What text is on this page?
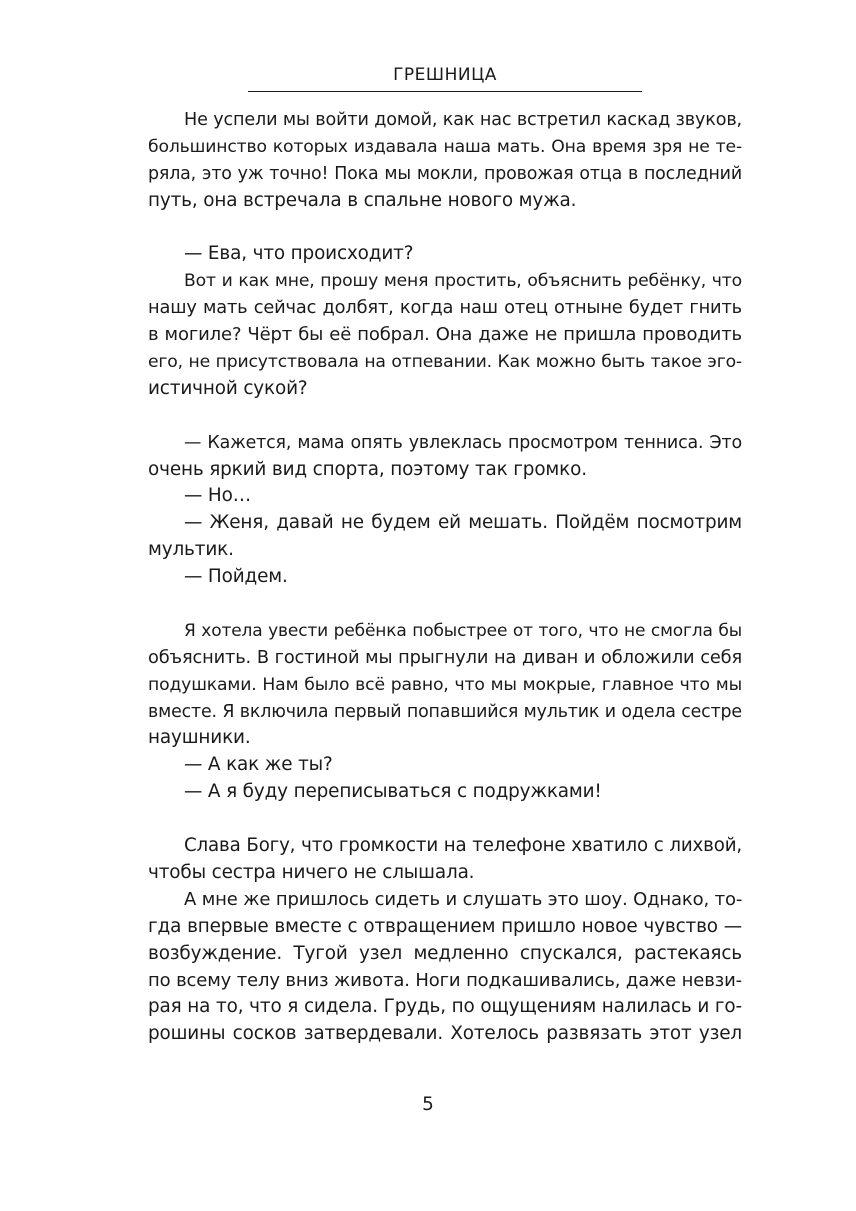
ГРЕШНИЦА
Не успели мы войти домой, как нас встретил каскад звуков,
большинство которых издавала наша мать. Она время зря не те-
ряла, это уж точно! Пока мы мокли, провожая отца в последний
путь, она встречала в спальне нового мужа.
— Ева, что происходит?
Вот и как мне, прошу меня простить, объяснить ребёнку, что
нашу мать сейчас долбят, когда наш отец отныне будет гнить
в могиле? Чёрт бы её побрал. Она даже не пришла проводить
его, не присутствовала на отпевании. Как можно быть такое эго-
истичной сукой?
— Кажется, мама опять увлеклась просмотром тенниса. Это
очень яркий вид спорта, поэтому так громко.
— Но…
— Женя, давай не будем ей мешать. Пойдём посмотрим
мультик.
— Пойдем.
Я хотела увести ребёнка побыстрее от того, что не смогла бы
объяснить. В гостиной мы прыгнули на диван и обложили себя
подушками. Нам было всё равно, что мы мокрые, главное что мы
вместе. Я включила первый попавшийся мультик и одела сестре
наушники.
— А как же ты?
— А я буду переписываться с подружками!
Слава Богу, что громкости на телефоне хватило с лихвой,
чтобы сестра ничего не слышала.
А мне же пришлось сидеть и слушать это шоу. Однако, то-
гда впервые вместе с отвращением пришло новое чувство —
возбуждение. Тугой узел медленно спускался, растекаясь
по всему телу вниз живота. Ноги подкашивались, даже невзи-
рая на то, что я сидела. Грудь, по ощущениям налилась и го-
рошины сосков затвердевали. Хотелось развязать этот узел
5
